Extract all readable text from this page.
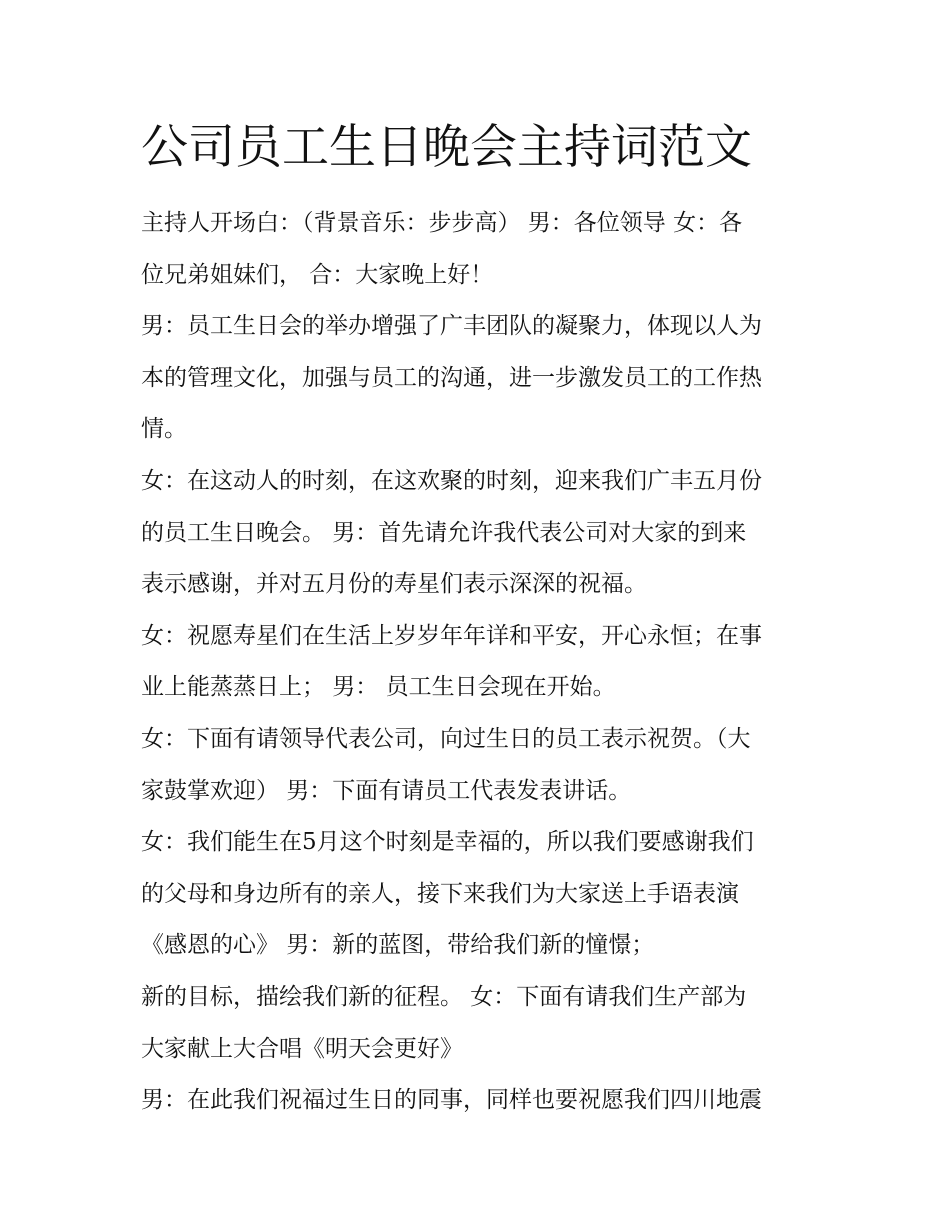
公司员工生日晚会主持词范文
主持人开场白：（背景音乐：步步高） 男：各位领导 女：各
位兄弟姐妹们， 合：大家晚上好！
男：员工生日会的举办增强了广丰团队的凝聚力，体现以人为
本的管理文化，加强与员工的沟通，进一步激发员工的工作热
情。
女：在这动人的时刻，在这欢聚的时刻，迎来我们广丰五月份
的员工生日晚会。 男：首先请允许我代表公司对大家的到来
表示感谢，并对五月份的寿星们表示深深的祝福。
女：祝愿寿星们在生活上岁岁年年详和平安，开心永恒；在事
业上能蒸蒸日上； 男： 员工生日会现在开始。
女：下面有请领导代表公司，向过生日的员工表示祝贺。（大
家鼓掌欢迎） 男：下面有请员工代表发表讲话。
女：我们能生在5月这个时刻是幸福的，所以我们要感谢我们
的父母和身边所有的亲人，接下来我们为大家送上手语表演
《感恩的心》 男：新的蓝图，带给我们新的憧憬；
新的目标，描绘我们新的征程。 女：下面有请我们生产部为
大家献上大合唱《明天会更好》
男：在此我们祝福过生日的同事，同样也要祝愿我们四川地震
